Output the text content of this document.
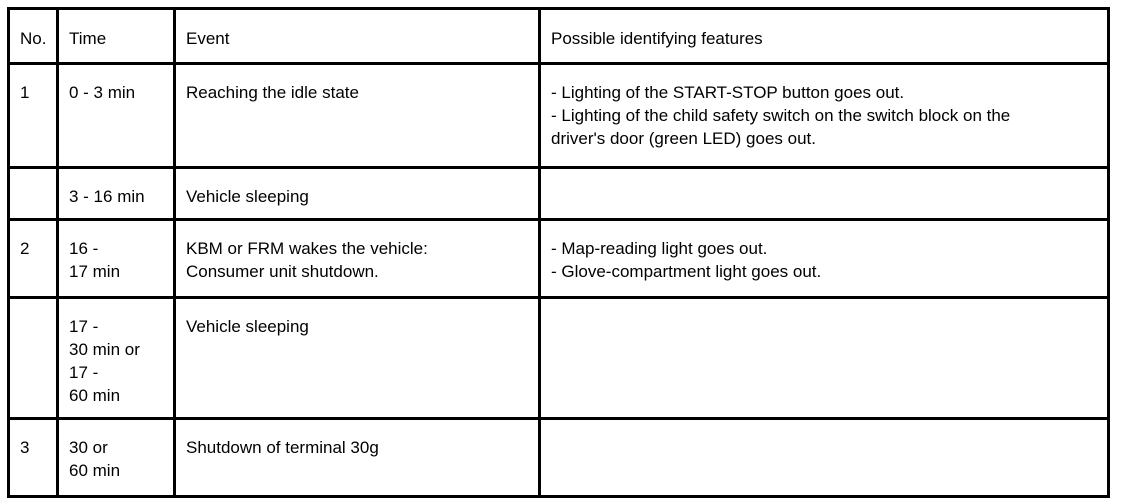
No.	Time	Event	Possible identifying features

1	0 - 3 min	Reaching the idle state	- Lighting of the START-STOP button goes out.
- Lighting of the child safety switch on the switch block on the
driver's door (green LED) goes out.

	3 - 16 min	Vehicle sleeping	

2	16 -
17 min	KBM or FRM wakes the vehicle:
Consumer unit shutdown.	- Map-reading light goes out.
- Glove-compartment light goes out.

	17 -
30 min or
17 -
60 min	Vehicle sleeping	

3	30 or
60 min	Shutdown of terminal 30g	
